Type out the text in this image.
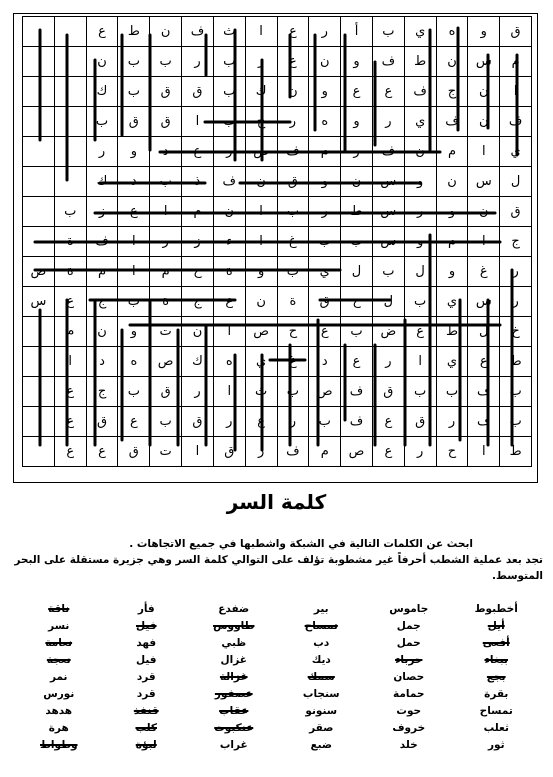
ق	و	ه	ي	ب	أ	ر	ع	ا	ث	ف	ن	ط	ع		
م	س	ن	ط	ف	و	ن	ع	ر	ب	ر	ب	ب	ن		
ا	ن	ج	ف	ع	ع	و	ن	ك	ب	ق	ق	ب	ك		
ف	ن	ف	ي	ر	و	ه	ر	ج	ب	ا	ق	ق	ب		
ي	ا	م	ن	ف	ر	م	ف	ض	ر	ع	د	و	ر		
ل	س	ن	و	س	ن	و	ق	ن	ف	ذ	ب	د	ك		
ق	ن	و	ر	س	ط	ر	ب	ا	ن	م	ا	ع	ز	ب	
ج	ا	م	و	س	ب	ب	غ	ا	ء	ز	ر	ا	ف	ة	
ر	غ	و	ل	ب	ل	ي	ب	و	ة	ح	م	ا	م	ة	ص
ر	س	ي	ب	ل	ح	ق	ة	ن	ع	ج	ة	ب	ج	ع	س
خ	ل	ط	ع	ض	ب	ع	ح	ص	ا	ن	ت	و	ن	م	
ط	ع	ي	ا	ر	ع	د	غ	ي	ه	ك	ص	ه	د	ا	
ب	ف	ب	ب	ق	ف	ص	ب	ث	ا	ر	ق	ب	ج	ع	
ب	ف	ر	ق	ع	ف	ب	ر	ع	ر	ق	ب	ع	ق	ع	
ط	ا	ح	ر	ع	ص	م	ف	ر	ق	ا	ت	ق	ع	ع	
كلمة السر
ابحث عن الكلمات التالية في الشبكة واشطبها في جميع الاتجاهات .
تجد بعد عملية الشطب أحرفاً غير مشطوبة تؤلف على التوالي كلمة السر وهي جزيرة مستقلة على البحر المتوسط.
أخطبوط	جاموس	بير	ضفدع	فأر	ناقة
أيل	جمل	تمساح	طاووس	فيل	نسر
أفعى	حمل	دب	ظبي	فهد	نعامة
ببغاء	حرباء	ديك	غزال	فيل	نعجة
بجع	حصان	سمك	غزالة	قرد	نمر
بقرة	حمامة	سنجاب	عصفور	قرد	نورس
تمساح	حوت	سنونو	عقاب	قنفذ	هدهد
ثعلب	خروف	صقر	عنكبوت	كلب	هرة
ثور	خلد	ضبع	غراب	لبؤة	وطواط
